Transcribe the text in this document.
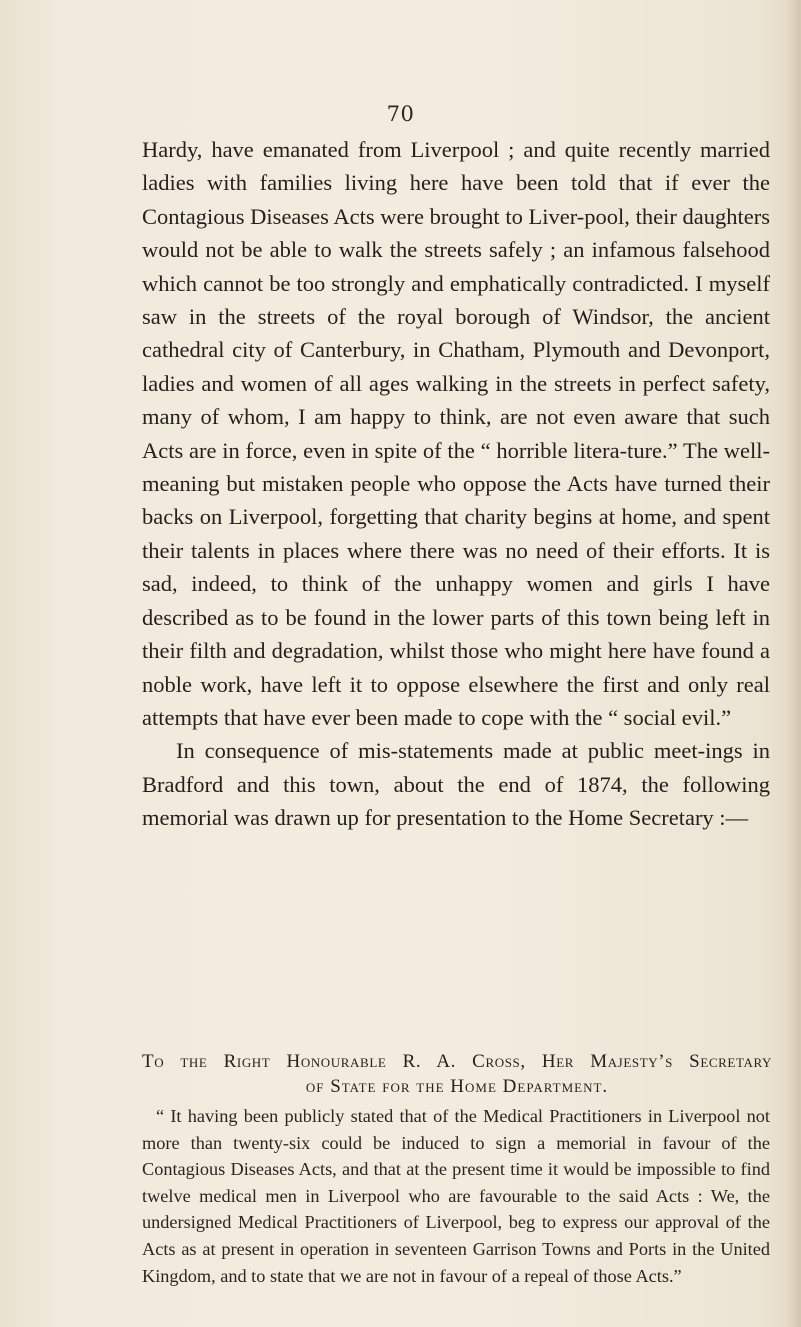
70

Hardy, have emanated from Liverpool ; and quite recently married ladies with families living here have been told that if ever the Contagious Diseases Acts were brought to Liver-pool, their daughters would not be able to walk the streets safely ; an infamous falsehood which cannot be too strongly and emphatically contradicted. I myself saw in the streets of the royal borough of Windsor, the ancient cathedral city of Canterbury, in Chatham, Plymouth and Devonport, ladies and women of all ages walking in the streets in perfect safety, many of whom, I am happy to think, are not even aware that such Acts are in force, even in spite of the “ horrible litera-ture.” The well-meaning but mistaken people who oppose the Acts have turned their backs on Liverpool, forgetting that charity begins at home, and spent their talents in places where there was no need of their efforts. It is sad, indeed, to think of the unhappy women and girls I have described as to be found in the lower parts of this town being left in their filth and degradation, whilst those who might here have found a noble work, have left it to oppose elsewhere the first and only real attempts that have ever been made to cope with the “ social evil.”

In consequence of mis-statements made at public meet-ings in Bradford and this town, about the end of 1874, the following memorial was drawn up for presentation to the Home Secretary :—

To the Right Honourable R. A. Cross, Her Majesty’s Secretary
of State for the Home Department.

“ It having been publicly stated that of the Medical Practitioners in Liverpool not more than twenty-six could be induced to sign a memorial in favour of the Contagious Diseases Acts, and that at the present time it would be impossible to find twelve medical men in Liverpool who are favourable to the said Acts : We, the undersigned Medical Practitioners of Liverpool, beg to express our approval of the Acts as at present in operation in seventeen Garrison Towns and Ports in the United Kingdom, and to state that we are not in favour of a repeal of those Acts.”
